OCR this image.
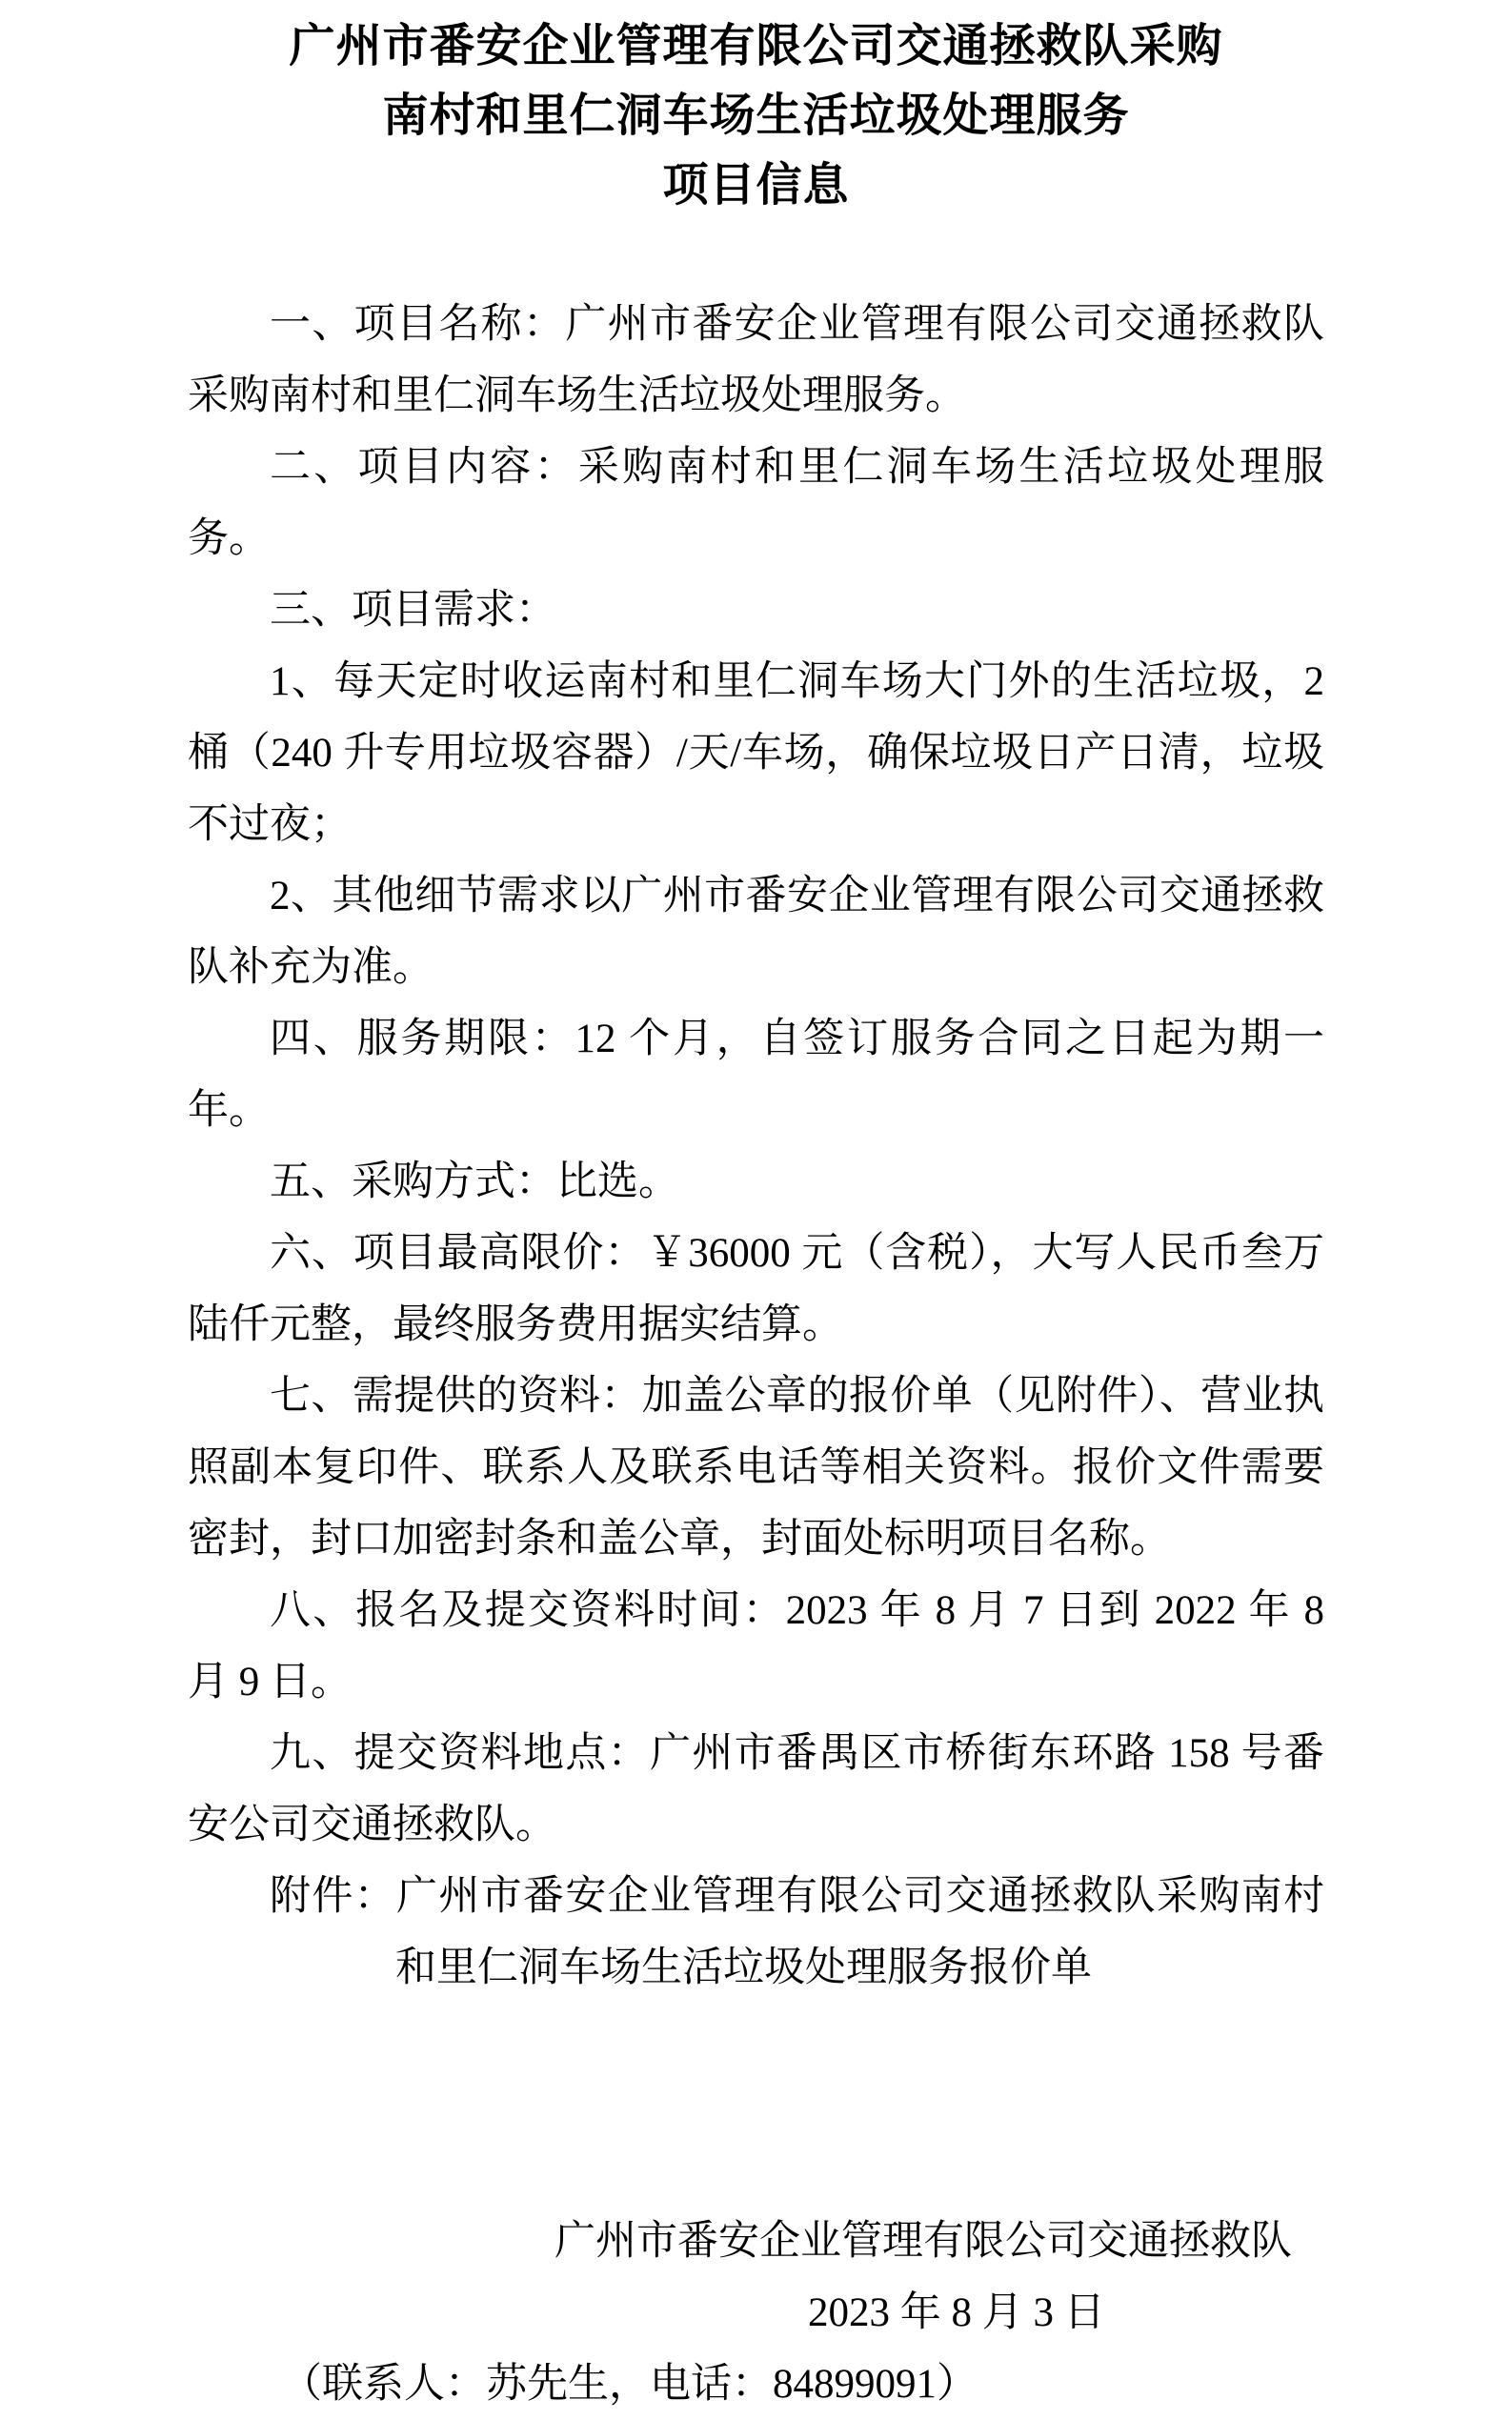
广州市番安企业管理有限公司交通拯救队采购
南村和里仁洞车场生活垃圾处理服务
项目信息

一、项目名称：广州市番安企业管理有限公司交通拯救队采购南村和里仁洞车场生活垃圾处理服务。

二、项目内容：采购南村和里仁洞车场生活垃圾处理服务。

三、项目需求：

1、每天定时收运南村和里仁洞车场大门外的生活垃圾，2 桶（240 升专用垃圾容器）/天/车场，确保垃圾日产日清，垃圾不过夜；

2、其他细节需求以广州市番安企业管理有限公司交通拯救队补充为准。

四、服务期限：12 个月，自签订服务合同之日起为期一年。

五、采购方式：比选。

六、项目最高限价：￥36000 元（含税），大写人民币叁万陆仟元整，最终服务费用据实结算。

七、需提供的资料：加盖公章的报价单（见附件）、营业执照副本复印件、联系人及联系电话等相关资料。报价文件需要密封，封口加密封条和盖公章，封面处标明项目名称。

八、报名及提交资料时间：2023 年 8 月 7 日到 2022 年 8 月 9 日。

九、提交资料地点：广州市番禺区市桥街东环路 158 号番安公司交通拯救队。

附件：广州市番安企业管理有限公司交通拯救队采购南村和里仁洞车场生活垃圾处理服务报价单

广州市番安企业管理有限公司交通拯救队
2023 年 8 月 3 日
（联系人：苏先生，电话：84899091）
